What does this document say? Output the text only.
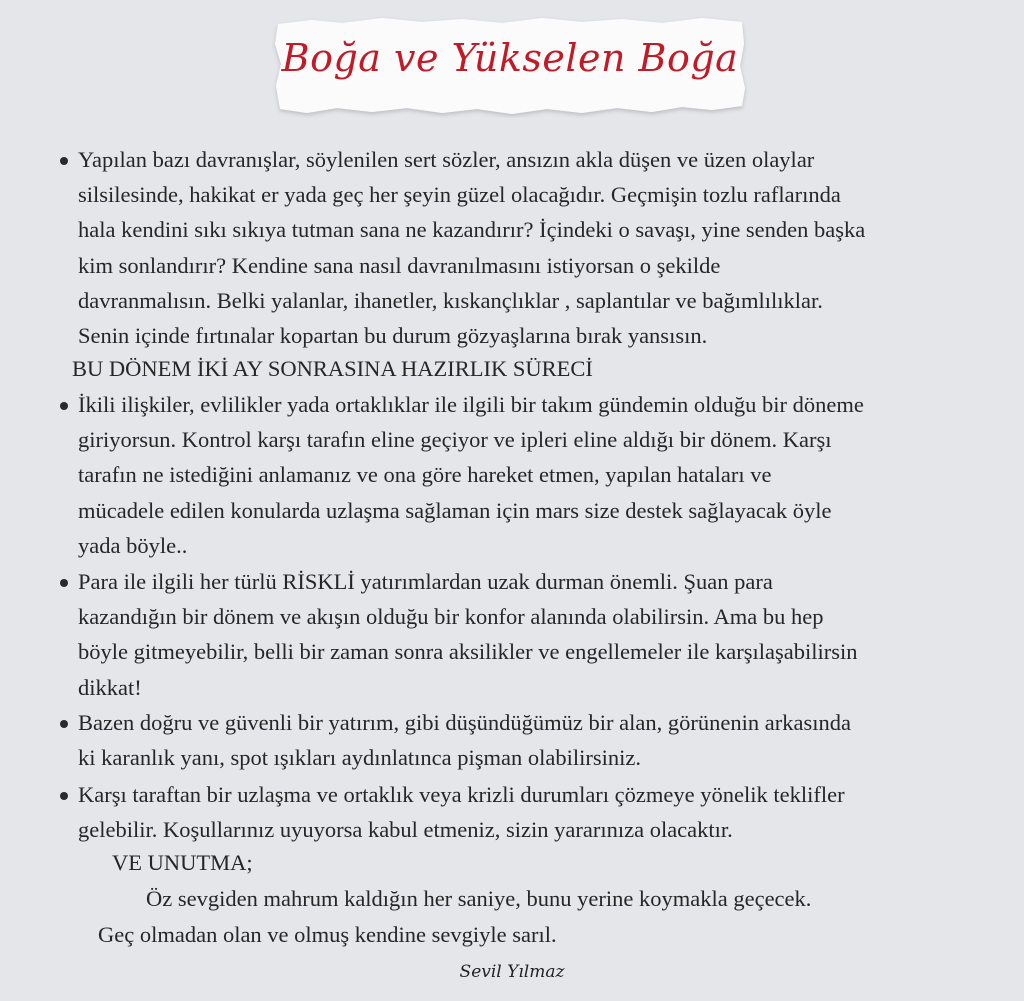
Boğa ve Yükselen Boğa
Yapılan bazı davranışlar, söylenilen sert sözler, ansızın akla düşen ve üzen olaylar
silsilesinde, hakikat er yada geç her şeyin güzel olacağıdır. Geçmişin tozlu raflarında
hala kendini sıkı sıkıya tutman sana ne kazandırır? İçindeki o savaşı, yine senden başka
kim sonlandırır? Kendine sana nasıl davranılmasını istiyorsan o şekilde
davranmalısın. Belki yalanlar, ihanetler, kıskançlıklar , saplantılar ve bağımlılıklar.
Senin içinde fırtınalar kopartan bu durum gözyaşlarına bırak yansısın.
BU DÖNEM İKİ AY SONRASINA HAZIRLIK SÜRECİ
İkili ilişkiler, evlilikler yada ortaklıklar ile ilgili bir takım gündemin olduğu bir döneme
giriyorsun. Kontrol karşı tarafın eline geçiyor ve ipleri eline aldığı bir dönem. Karşı
tarafın ne istediğini anlamanız ve ona göre hareket etmen, yapılan hataları ve
mücadele edilen konularda uzlaşma sağlaman için mars size destek sağlayacak öyle
yada böyle..
Para ile ilgili her türlü RİSKLİ yatırımlardan uzak durman önemli. Şuan para
kazandığın bir dönem ve akışın olduğu bir konfor alanında olabilirsin. Ama bu hep
böyle gitmeyebilir, belli bir zaman sonra aksilikler ve engellemeler ile karşılaşabilirsin
dikkat!
Bazen doğru ve güvenli bir yatırım, gibi düşündüğümüz bir alan, görünenin arkasında
ki karanlık yanı, spot ışıkları aydınlatınca pişman olabilirsiniz.
Karşı taraftan bir uzlaşma ve ortaklık veya krizli durumları çözmeye yönelik teklifler
gelebilir. Koşullarınız uyuyorsa kabul etmeniz, sizin yararınıza olacaktır.
VE UNUTMA;
Öz sevgiden mahrum kaldığın her saniye, bunu yerine koymakla geçecek.
Geç olmadan olan ve olmuş kendine sevgiyle sarıl.
Sevil Yılmaz
